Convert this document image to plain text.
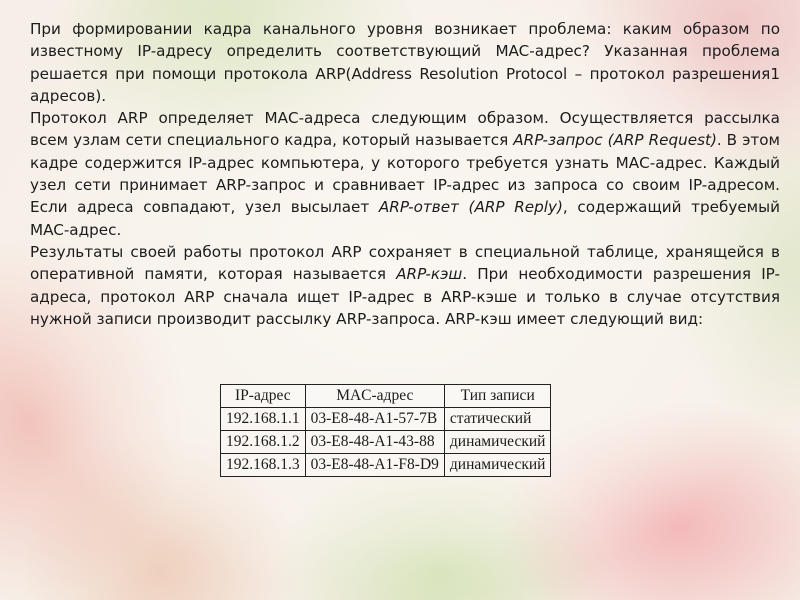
При формировании кадра канального уровня возникает проблема: каким образом по известному IP-адресу определить соответствующий MAC-адрес? Указанная проблема решается при помощи протокола ARP(Address Resolution Protocol – протокол разрешения1 адресов).

Протокол ARP определяет МАС-адреса следующим образом. Осуществляется рассылка всем узлам сети специального кадра, который называется ARP-запрос (ARP Request). В этом кадре содержится IP-адрес компьютера, у которого требуется узнать МАС-адрес. Каждый узел сети принимает ARP-запрос и сравнивает IP-адрес из запроса со своим IP-адресом. Если адреса совпадают, узел высылает ARP-ответ (ARP Reply), содержащий требуемый MAC-адрес.

Результаты своей работы протокол ARP сохраняет в специальной таблице, хранящейся в оперативной памяти, которая называется ARP-кэш. При необходимости разрешения IP-адреса, протокол ARP сначала ищет IP-адрес в ARP-кэше и только в случае отсутствия нужной записи производит рассылку ARP-запроса. ARP-кэш имеет следующий вид:

IP-адрес	MAC-адрес	Тип записи
192.168.1.1	03-E8-48-A1-57-7B	статический
192.168.1.2	03-E8-48-A1-43-88	динамический
192.168.1.3	03-E8-48-A1-F8-D9	динамический
